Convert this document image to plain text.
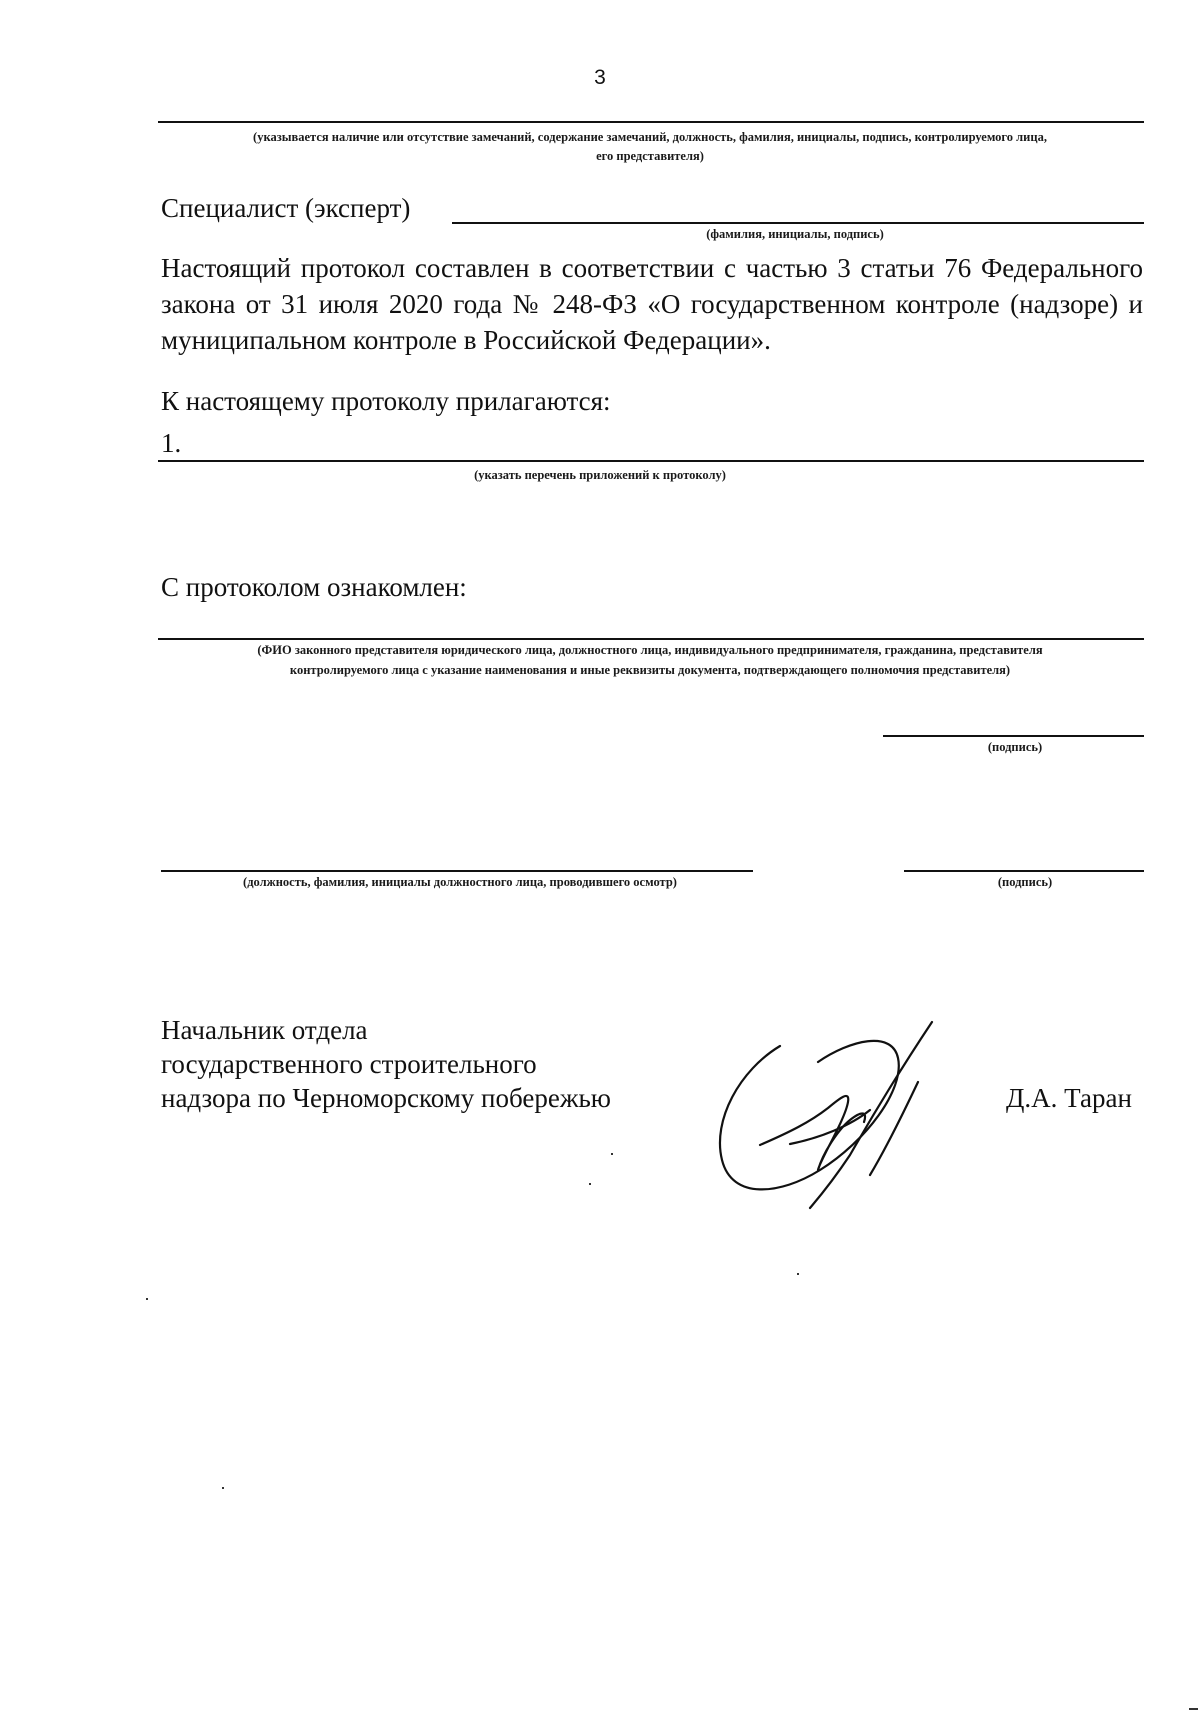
3
(указывается наличие или отсутствие замечаний, содержание замечаний, должность, фамилия, инициалы, подпись, контролируемого лица,
его представителя)
Специалист (эксперт)
(фамилия, инициалы, подпись)
Настоящий протокол составлен в соответствии с частью 3 статьи 76 Федерального закона от 31 июля 2020 года № 248-ФЗ «О государственном контроле (надзоре) и муниципальном контроле в Российской Федерации».
К настоящему протоколу прилагаются:
1.
(указать перечень приложений к протоколу)
С протоколом ознакомлен:
(ФИО законного представителя юридического лица, должностного лица, индивидуального предпринимателя, гражданина, представителя
контролируемого лица с указание наименования и иные реквизиты документа, подтверждающего полномочия представителя)
(подпись)
(должность, фамилия, инициалы должностного лица, проводившего осмотр)	(подпись)
Начальник отдела
государственного строительного
надзора по Черноморскому побережью	Д.А. Таран
